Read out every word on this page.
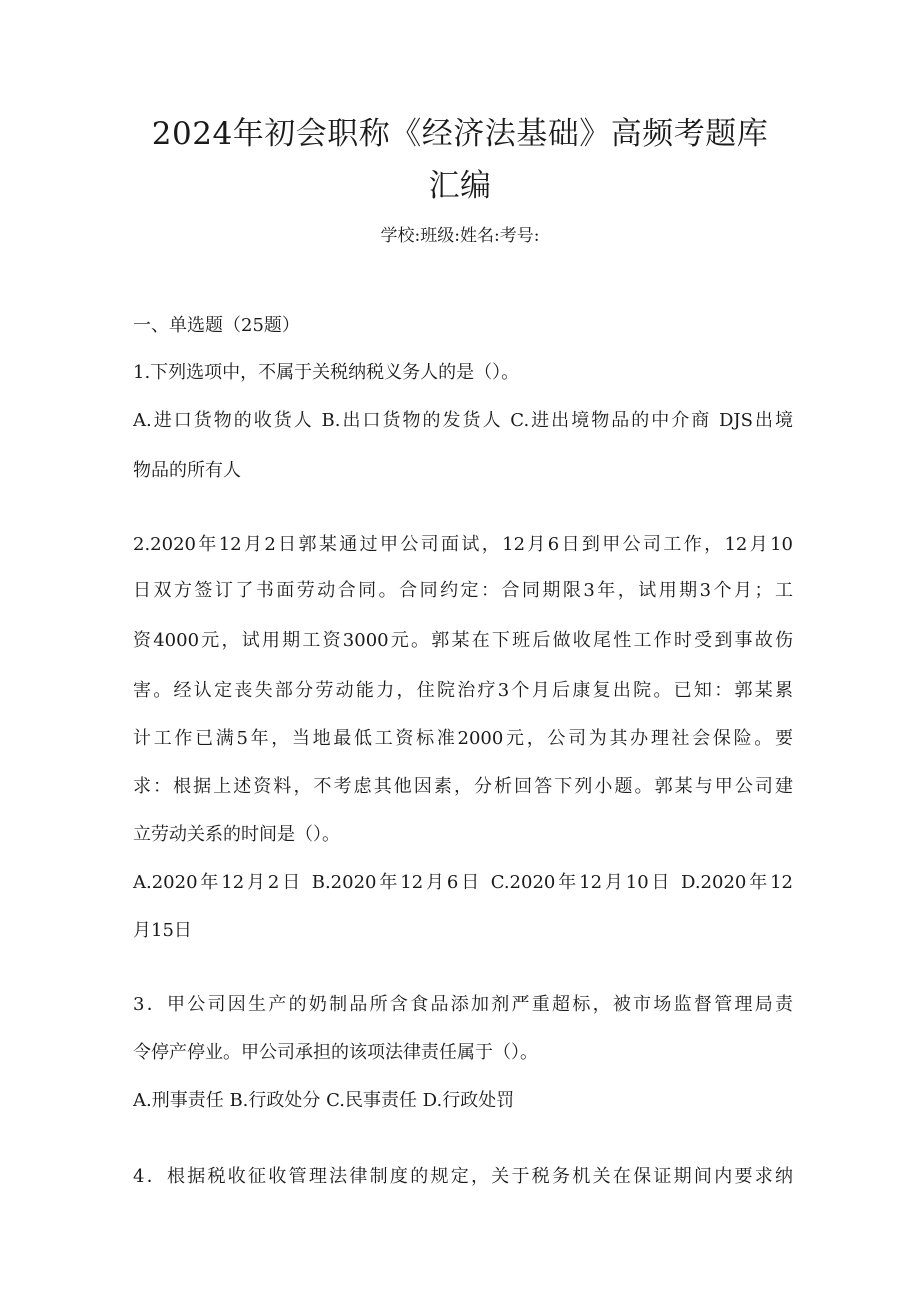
2024年初会职称《经济法基础》高频考题库
汇编
学校:班级:姓名:考号:
一、单选题（25题）
1.下列选项中，不属于关税纳税义务人的是（）。
A.进口货物的收货人 B.出口货物的发货人 C.进出境物品的中介商 DJS出境
物品的所有人
2.2020年12月2日郭某通过甲公司面试，12月6日到甲公司工作，12月10
日双方签订了书面劳动合同。合同约定：合同期限3年，试用期3个月；工
资4000元，试用期工资3000元。郭某在下班后做收尾性工作时受到事故伤
害。经认定丧失部分劳动能力，住院治疗3个月后康复出院。已知：郭某累
计工作已满5年，当地最低工资标准2000元，公司为其办理社会保险。要
求：根据上述资料，不考虑其他因素，分析回答下列小题。郭某与甲公司建
立劳动关系的时间是（）。
A.2020年12月2日 B.2020年12月6日 C.2020年12月10日 D.2020年12
月15日
3．甲公司因生产的奶制品所含食品添加剂严重超标，被市场监督管理局责
令停产停业。甲公司承担的该项法律责任属于（）。
A.刑事责任 B.行政处分 C.民事责任 D.行政处罚
4．根据税收征收管理法律制度的规定，关于税务机关在保证期间内要求纳
